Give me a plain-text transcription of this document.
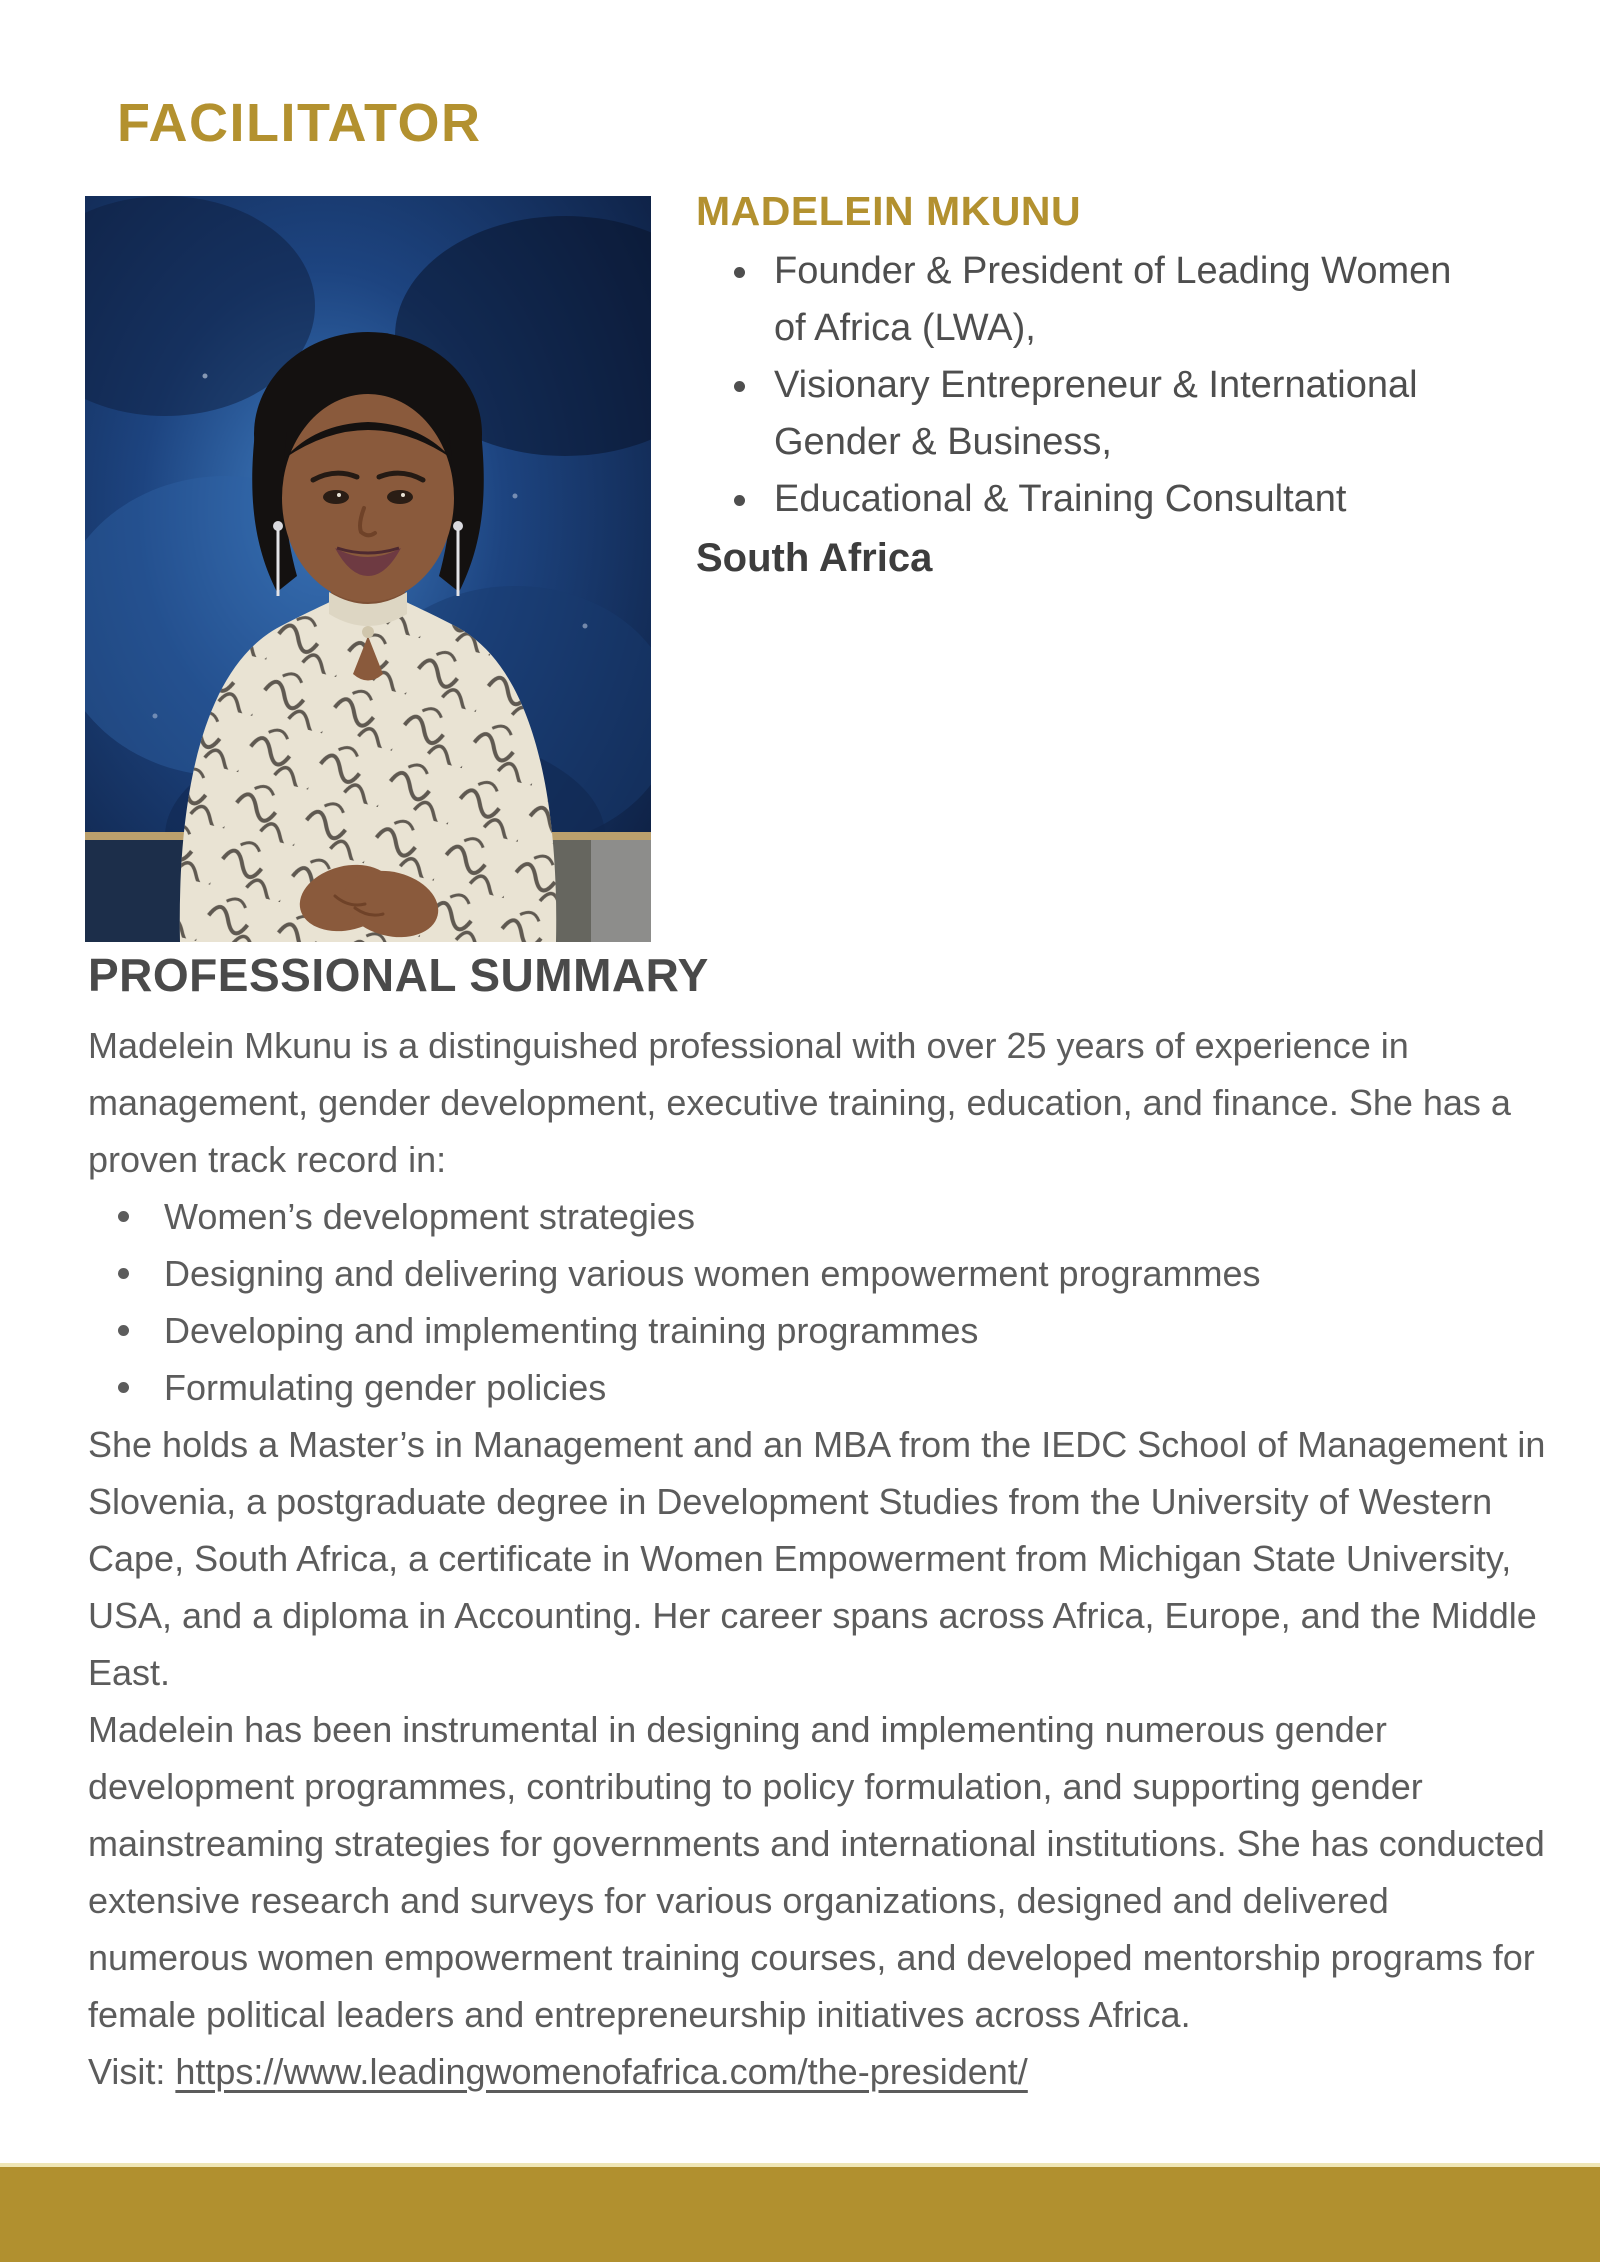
FACILITATOR
MADELEIN MKUNU
Founder & President of Leading Women of Africa (LWA),
Visionary Entrepreneur & International Gender & Business,
Educational & Training Consultant
South Africa
PROFESSIONAL SUMMARY

Madelein Mkunu is a distinguished professional with over 25 years of experience in management, gender development, executive training, education, and finance. She has a proven track record in:

Women’s development strategies
Designing and delivering various women empowerment programmes
Developing and implementing training programmes
Formulating gender policies

She holds a Master’s in Management and an MBA from the IEDC School of Management in Slovenia, a postgraduate degree in Development Studies from the University of Western Cape, South Africa, a certificate in Women Empowerment from Michigan State University, USA, and a diploma in Accounting. Her career spans across Africa, Europe, and the Middle East.

Madelein has been instrumental in designing and implementing numerous gender development programmes, contributing to policy formulation, and supporting gender mainstreaming strategies for governments and international institutions. She has conducted extensive research and surveys for various organizations, designed and delivered numerous women empowerment training courses, and developed mentorship programs for female political leaders and entrepreneurship initiatives across Africa.

Visit: https://www.leadingwomenofafrica.com/the-president/
